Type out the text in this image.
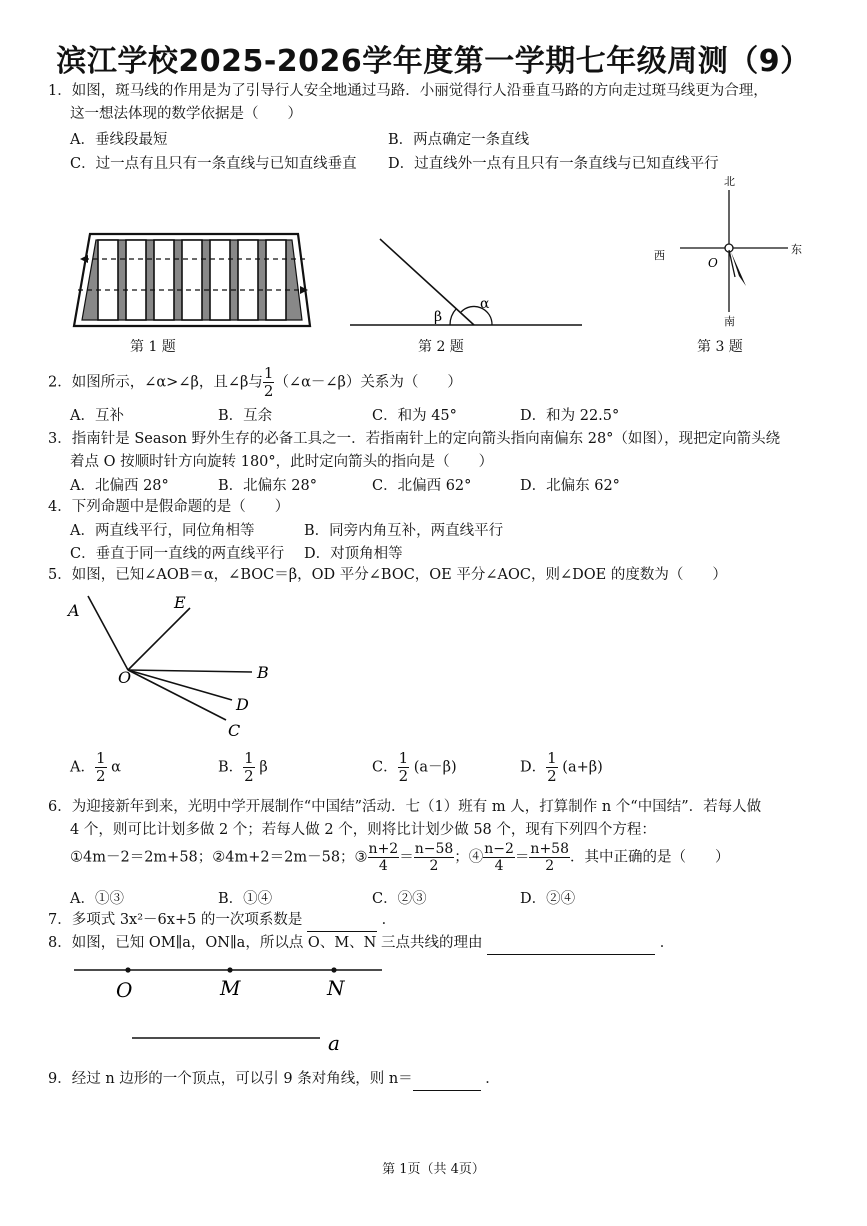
滨江学校2025-2026学年度第一学期七年级周测（9）
1．如图，斑马线的作用是为了引导行人安全地通过马路．小丽觉得行人沿垂直马路的方向走过斑马线更为合理，
这一想法体现的数学依据是（　　）
A．垂线段最短	B．两点确定一条直线
C．过一点有且只有一条直线与已知直线垂直 D．过直线外一点有且只有一条直线与已知直线平行
第 1 题
β
α
第 2 题
北
南
西	东
O
第 3 题
2．如图所示，∠α>∠β，且∠β与 $\frac{1}{2}$ （∠α－∠β）关系为（　　）
A．互补	B．互余	C．和为 45°	D．和为 22.5°
3．指南针是 Season 野外生存的必备工具之一．若指南针上的定向箭头指向南偏东 28°（如图），现把定向箭头绕
着点 O 按顺时针方向旋转 180°，此时定向箭头的指向是（　　）
A．北偏西 28°	B．北偏东 28°	C．北偏西 62°	D．北偏东 62°
4．下列命题中是假命题的是（　　）
A．两直线平行，同位角相等	B．同旁内角互补，两直线平行
C．垂直于同一直线的两直线平行 D．对顶角相等
5．如图，已知∠AOB＝α，∠BOC＝β，OD 平分∠BOC，OE 平分∠AOC，则∠DOE 的度数为（　　）
A	E
B
O
D
C
A． $\frac{1}{2}$ α	B． $\frac{1}{2}$ β	C． $\frac{1}{2} (a-\beta)$	D． $\frac{1}{2} (a+\beta)$
6．为迎接新年到来，光明中学开展制作“中国结”活动．七（1）班有 m 人，打算制作 n 个“中国结”．若每人做
4 个，则可比计划多做 2 个；若每人做 2 个，则将比计划少做 58 个，现有下列四个方程：
①4m－2＝2m+58；②4m+2＝2m－58；③ $\frac{n+2}{4} = \frac{n-58}{2}$ ；④ $\frac{n-2}{4} = \frac{n+58}{2}$ ．其中正确的是（　　）
A．①③	B．①④	C．②③	D．②④
7．多项式 3x²－6x+5 的一次项系数是	．
8．如图，已知 OM∥a，ON∥a，所以点 O、M、N 三点共线的理由	．
O	M	N
a
9．经过 n 边形的一个顶点，可以引 9 条对角线，则 n＝	．
第 1页（共 4页）
